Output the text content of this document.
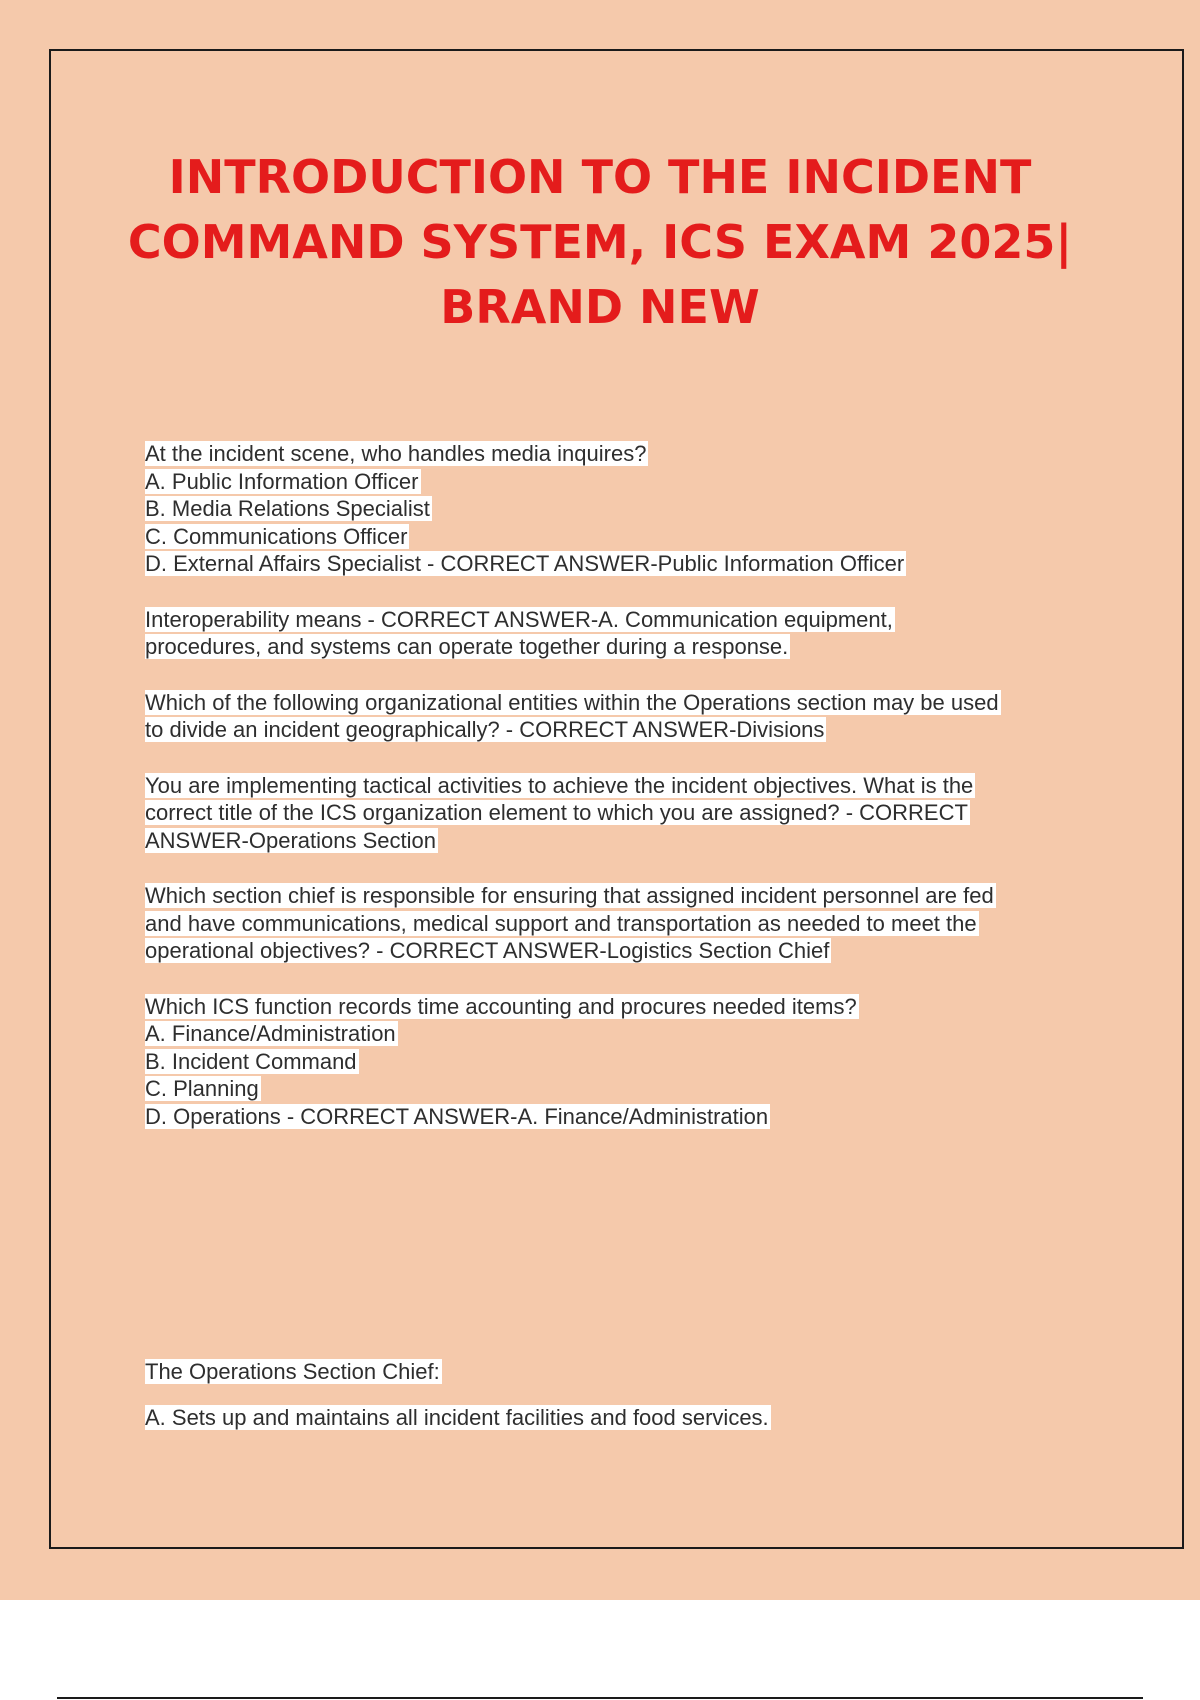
INTRODUCTION TO THE INCIDENT
COMMAND SYSTEM, ICS EXAM 2025|
BRAND NEW
At the incident scene, who handles media inquires?
A. Public Information Officer
B. Media Relations Specialist
C. Communications Officer
D. External Affairs Specialist - CORRECT ANSWER-Public Information Officer
Interoperability means - CORRECT ANSWER-A. Communication equipment,
procedures, and systems can operate together during a response.
Which of the following organizational entities within the Operations section may be used
to divide an incident geographically? - CORRECT ANSWER-Divisions
You are implementing tactical activities to achieve the incident objectives. What is the
correct title of the ICS organization element to which you are assigned? - CORRECT
ANSWER-Operations Section
Which section chief is responsible for ensuring that assigned incident personnel are fed
and have communications, medical support and transportation as needed to meet the
operational objectives? - CORRECT ANSWER-Logistics Section Chief
Which ICS function records time accounting and procures needed items?
A. Finance/Administration
B. Incident Command
C. Planning
D. Operations - CORRECT ANSWER-A. Finance/Administration
The Operations Section Chief:
A. Sets up and maintains all incident facilities and food services.
